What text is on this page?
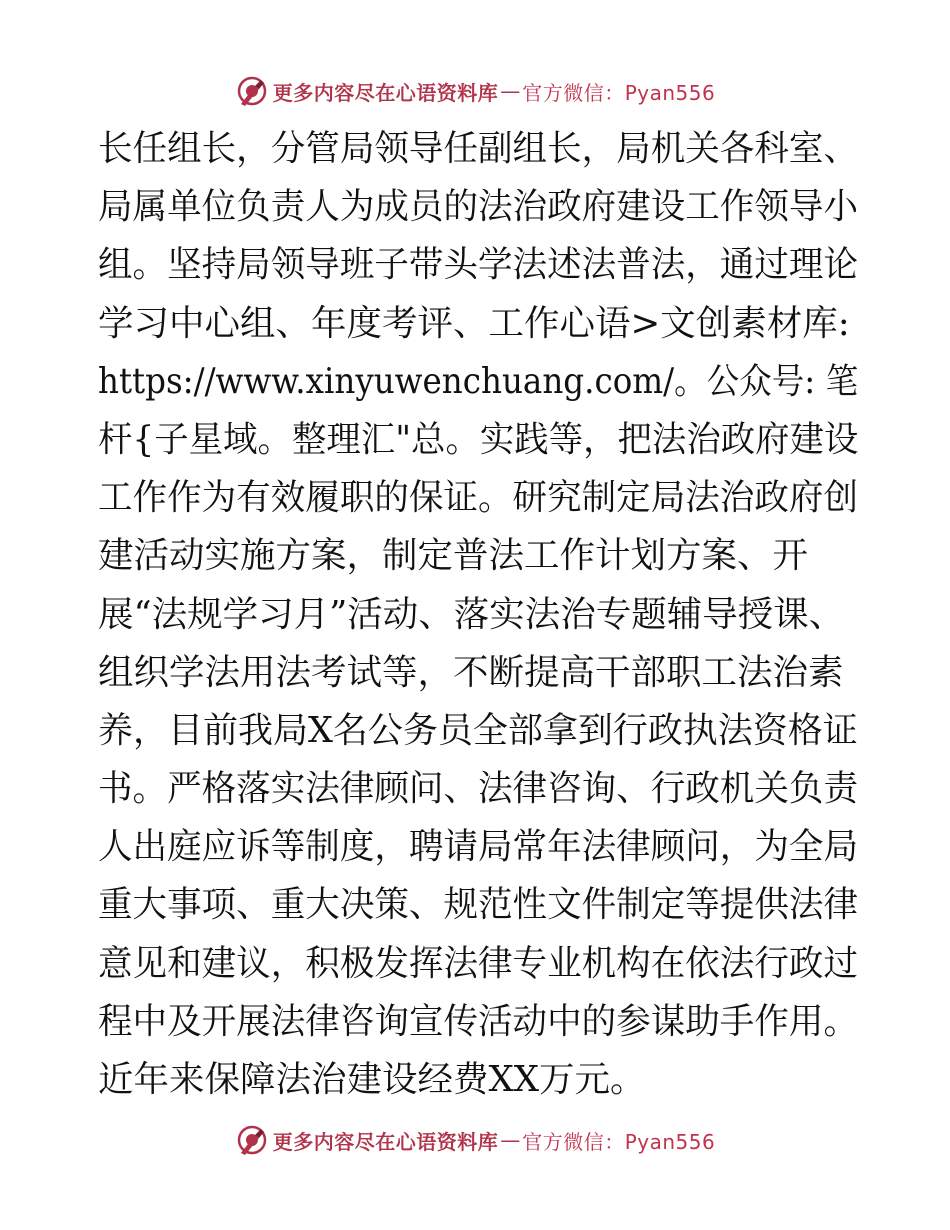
更多内容尽在心语资料库 — 官方微信：Pyan556
长任组长，分管局领导任副组长，局机关各科室、
局属单位负责人为成员的法治政府建设工作领导小
组。坚持局领导班子带头学法述法普法，通过理论
学习中心组、年度考评、工作心语>文创素材库:
https://www.xinyuwenchuang.com/。公众号: 笔
杆{子星域。整理汇"总。实践等，把法治政府建设
工作作为有效履职的保证。研究制定局法治政府创
建活动实施方案，制定普法工作计划方案、开
展“法规学习月”活动、落实法治专题辅导授课、
组织学法用法考试等，不断提高干部职工法治素
养，目前我局X名公务员全部拿到行政执法资格证
书。严格落实法律顾问、法律咨询、行政机关负责
人出庭应诉等制度，聘请局常年法律顾问，为全局
重大事项、重大决策、规范性文件制定等提供法律
意见和建议，积极发挥法律专业机构在依法行政过
程中及开展法律咨询宣传活动中的参谋助手作用。
近年来保障法治建设经费XX万元。
更多内容尽在心语资料库 — 官方微信：Pyan556
